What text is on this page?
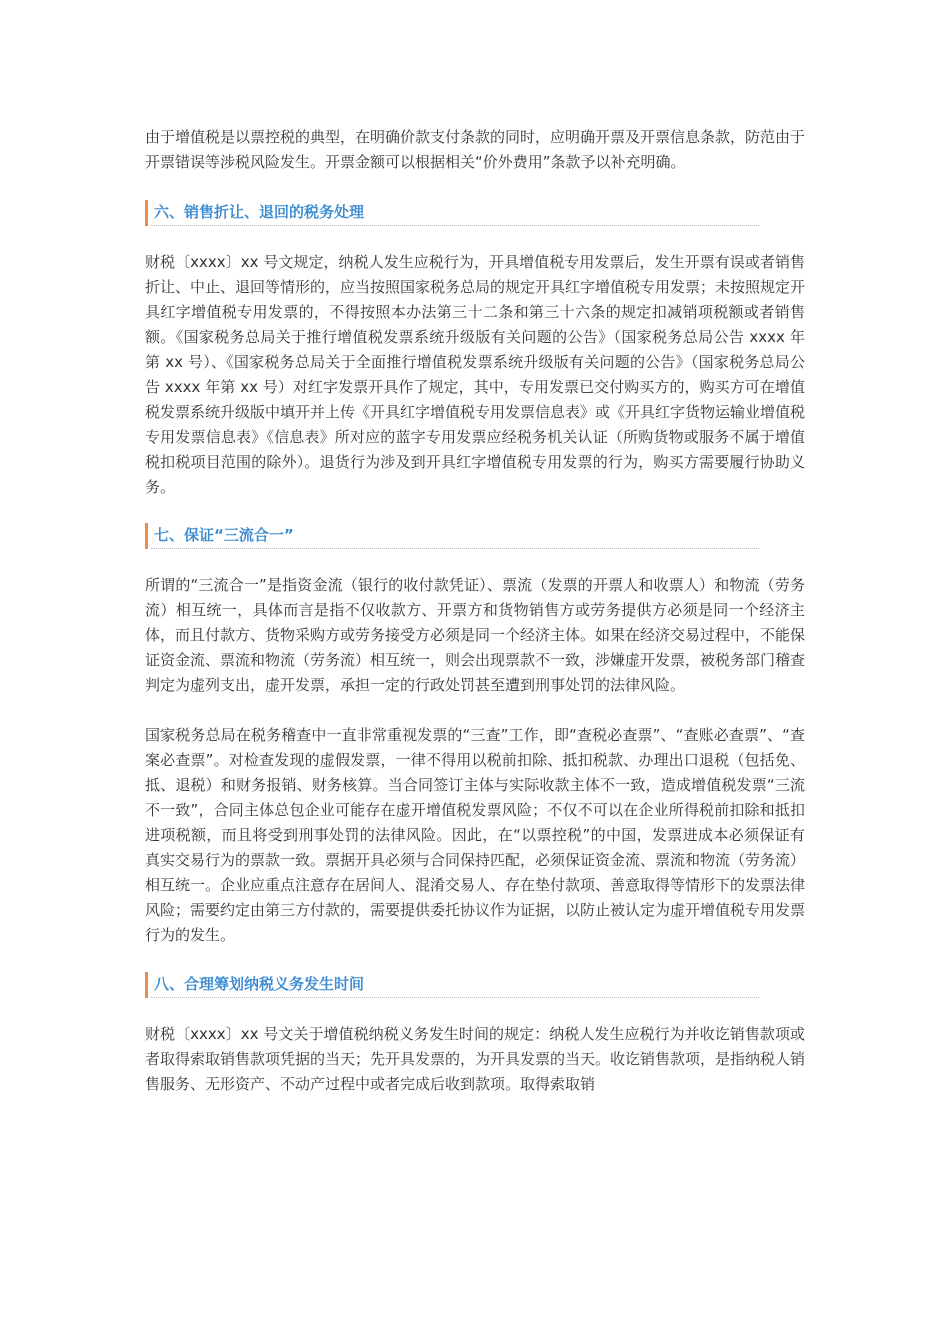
由于增值税是以票控税的典型，在明确价款支付条款的同时，应明确开票及开票信息条款，防范由于开票错误等涉税风险发生。开票金额可以根据相关“价外费用”条款予以补充明确。

六、销售折让、退回的税务处理

财税〔xxxx〕xx 号文规定，纳税人发生应税行为，开具增值税专用发票后，发生开票有误或者销售折让、中止、退回等情形的，应当按照国家税务总局的规定开具红字增值税专用发票；未按照规定开具红字增值税专用发票的，不得按照本办法第三十二条和第三十六条的规定扣减销项税额或者销售额。《国家税务总局关于推行增值税发票系统升级版有关问题的公告》（国家税务总局公告 xxxx 年第 xx 号）、《国家税务总局关于全面推行增值税发票系统升级版有关问题的公告》（国家税务总局公告 xxxx 年第 xx 号）对红字发票开具作了规定，其中，专用发票已交付购买方的，购买方可在增值税发票系统升级版中填开并上传《开具红字增值税专用发票信息表》或《开具红字货物运输业增值税专用发票信息表》《信息表》所对应的蓝字专用发票应经税务机关认证（所购货物或服务不属于增值税扣税项目范围的除外）。退货行为涉及到开具红字增值税专用发票的行为，购买方需要履行协助义务。

七、保证“三流合一”

所谓的“三流合一”是指资金流（银行的收付款凭证）、票流（发票的开票人和收票人）和物流（劳务流）相互统一，具体而言是指不仅收款方、开票方和货物销售方或劳务提供方必须是同一个经济主体，而且付款方、货物采购方或劳务接受方必须是同一个经济主体。如果在经济交易过程中，不能保证资金流、票流和物流（劳务流）相互统一，则会出现票款不一致，涉嫌虚开发票，被税务部门稽查判定为虚列支出，虚开发票，承担一定的行政处罚甚至遭到刑事处罚的法律风险。

国家税务总局在税务稽查中一直非常重视发票的“三查”工作，即“查税必查票”、“查账必查票”、“查案必查票”。对检查发现的虚假发票，一律不得用以税前扣除、抵扣税款、办理出口退税（包括免、抵、退税）和财务报销、财务核算。当合同签订主体与实际收款主体不一致，造成增值税发票“三流不一致”，合同主体总包企业可能存在虚开增值税发票风险；不仅不可以在企业所得税前扣除和抵扣进项税额，而且将受到刑事处罚的法律风险。因此，在“以票控税”的中国，发票进成本必须保证有真实交易行为的票款一致。票据开具必须与合同保持匹配，必须保证资金流、票流和物流（劳务流）相互统一。企业应重点注意存在居间人、混淆交易人、存在垫付款项、善意取得等情形下的发票法律风险；需要约定由第三方付款的，需要提供委托协议作为证据，以防止被认定为虚开增值税专用发票行为的发生。

八、合理筹划纳税义务发生时间

财税〔xxxx〕xx 号文关于增值税纳税义务发生时间的规定：纳税人发生应税行为并收讫销售款项或者取得索取销售款项凭据的当天；先开具发票的，为开具发票的当天。收讫销售款项，是指纳税人销售服务、无形资产、不动产过程中或者完成后收到款项。取得索取销
